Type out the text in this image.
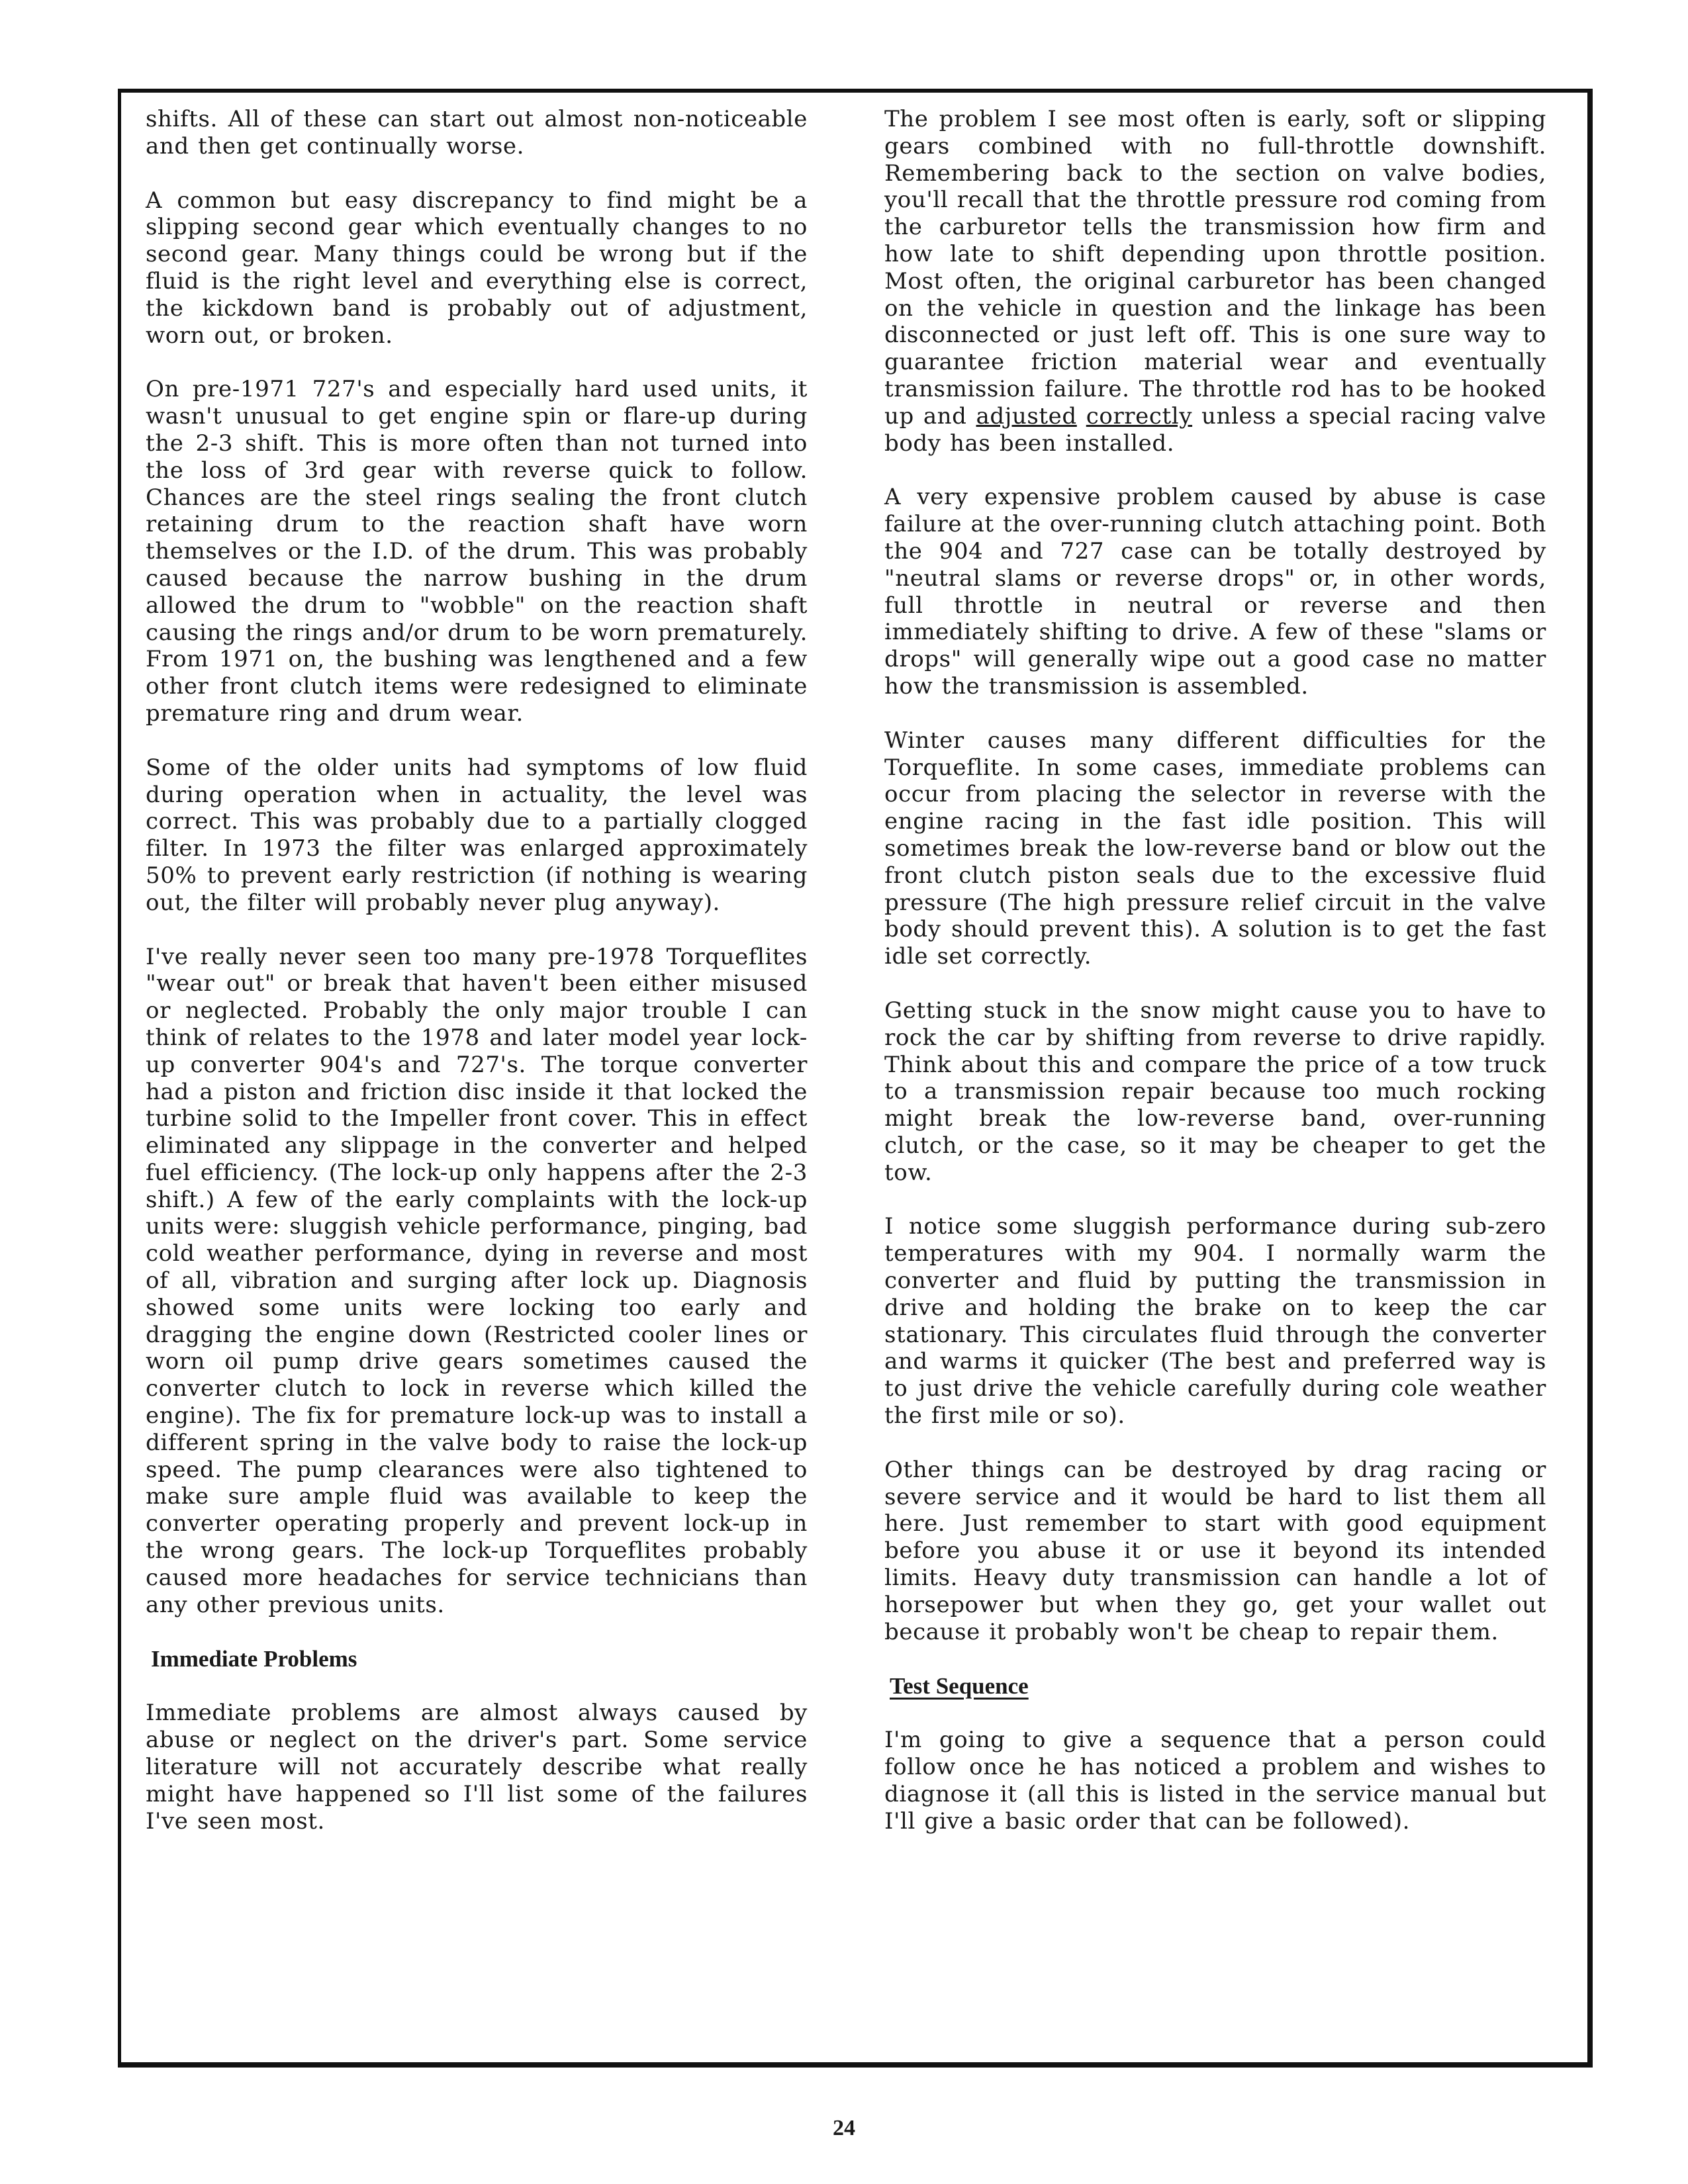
shifts. All of these can start out almost non-noticeable and then get continually worse.

A common but easy discrepancy to find might be a slipping second gear which eventually changes to no second gear. Many things could be wrong but if the fluid is the right level and everything else is correct, the kickdown band is probably out of adjustment, worn out, or broken.

On pre-1971 727's and especially hard used units, it wasn't unusual to get engine spin or flare-up during the 2-3 shift. This is more often than not turned into the loss of 3rd gear with reverse quick to follow. Chances are the steel rings sealing the front clutch retaining drum to the reaction shaft have worn themselves or the I.D. of the drum. This was probably caused because the narrow bushing in the drum allowed the drum to "wobble" on the reaction shaft causing the rings and/or drum to be worn prematurely. From 1971 on, the bushing was lengthened and a few other front clutch items were redesigned to eliminate premature ring and drum wear.

Some of the older units had symptoms of low fluid during operation when in actuality, the level was correct. This was probably due to a partially clogged filter. In 1973 the filter was enlarged approximately 50% to prevent early restriction (if nothing is wearing out, the filter will probably never plug anyway).

I've really never seen too many pre-1978 Torqueflites "wear out" or break that haven't been either misused or neglected. Probably the only major trouble I can think of relates to the 1978 and later model year lock-up converter 904's and 727's. The torque converter had a piston and friction disc inside it that locked the turbine solid to the Impeller front cover. This in effect eliminated any slippage in the converter and helped fuel efficiency. (The lock-up only happens after the 2-3 shift.) A few of the early complaints with the lock-up units were: sluggish vehicle performance, pinging, bad cold weather performance, dying in reverse and most of all, vibration and surging after lock up. Diagnosis showed some units were locking too early and dragging the engine down (Restricted cooler lines or worn oil pump drive gears sometimes caused the converter clutch to lock in reverse which killed the engine). The fix for premature lock-up was to install a different spring in the valve body to raise the lock-up speed. The pump clearances were also tightened to make sure ample fluid was available to keep the converter operating properly and prevent lock-up in the wrong gears. The lock-up Torqueflites probably caused more headaches for service technicians than any other previous units.

Immediate Problems

Immediate problems are almost always caused by abuse or neglect on the driver's part. Some service literature will not accurately describe what really might have happened so I'll list some of the failures I've seen most.

The problem I see most often is early, soft or slipping gears combined with no full-throttle downshift. Remembering back to the section on valve bodies, you'll recall that the throttle pressure rod coming from the carburetor tells the transmission how firm and how late to shift depending upon throttle position. Most often, the original carburetor has been changed on the vehicle in question and the linkage has been disconnected or just left off. This is one sure way to guarantee friction material wear and eventually transmission failure. The throttle rod has to be hooked up and adjusted correctly unless a special racing valve body has been installed.

A very expensive problem caused by abuse is case failure at the over-running clutch attaching point. Both the 904 and 727 case can be totally destroyed by "neutral slams or reverse drops" or, in other words, full throttle in neutral or reverse and then immediately shifting to drive. A few of these "slams or drops" will generally wipe out a good case no matter how the transmission is assembled.

Winter causes many different difficulties for the Torqueflite. In some cases, immediate problems can occur from placing the selector in reverse with the engine racing in the fast idle position. This will sometimes break the low-reverse band or blow out the front clutch piston seals due to the excessive fluid pressure (The high pressure relief circuit in the valve body should prevent this). A solution is to get the fast idle set correctly.

Getting stuck in the snow might cause you to have to rock the car by shifting from reverse to drive rapidly. Think about this and compare the price of a tow truck to a transmission repair because too much rocking might break the low-reverse band, over-running clutch, or the case, so it may be cheaper to get the tow.

I notice some sluggish performance during sub-zero temperatures with my 904. I normally warm the converter and fluid by putting the transmission in drive and holding the brake on to keep the car stationary. This circulates fluid through the converter and warms it quicker (The best and preferred way is to just drive the vehicle carefully during cole weather the first mile or so).

Other things can be destroyed by drag racing or severe service and it would be hard to list them all here. Just remember to start with good equipment before you abuse it or use it beyond its intended limits. Heavy duty transmission can handle a lot of horsepower but when they go, get your wallet out because it probably won't be cheap to repair them.

Test Sequence

I'm going to give a sequence that a person could follow once he has noticed a problem and wishes to diagnose it (all this is listed in the service manual but I'll give a basic order that can be followed).

24
